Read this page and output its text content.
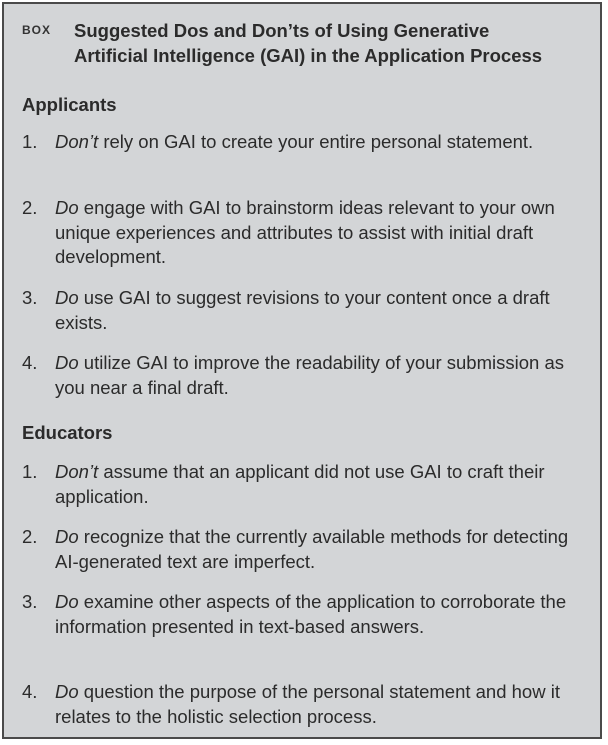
BOX	Suggested Dos and Don’ts of Using Generative
Artificial Intelligence (GAI) in the Application Process
Applicants
1. Don’t rely on GAI to create your entire personal statement.
2. Do engage with GAI to brainstorm ideas relevant to your own unique experiences and attributes to assist with initial draft development.
3. Do use GAI to suggest revisions to your content once a draft exists.
4. Do utilize GAI to improve the readability of your submission as you near a final draft.
Educators
1. Don’t assume that an applicant did not use GAI to craft their application.
2. Do recognize that the currently available methods for detecting AI-generated text are imperfect.
3. Do examine other aspects of the application to corroborate the information presented in text-based answers.
4. Do question the purpose of the personal statement and how it relates to the holistic selection process.
